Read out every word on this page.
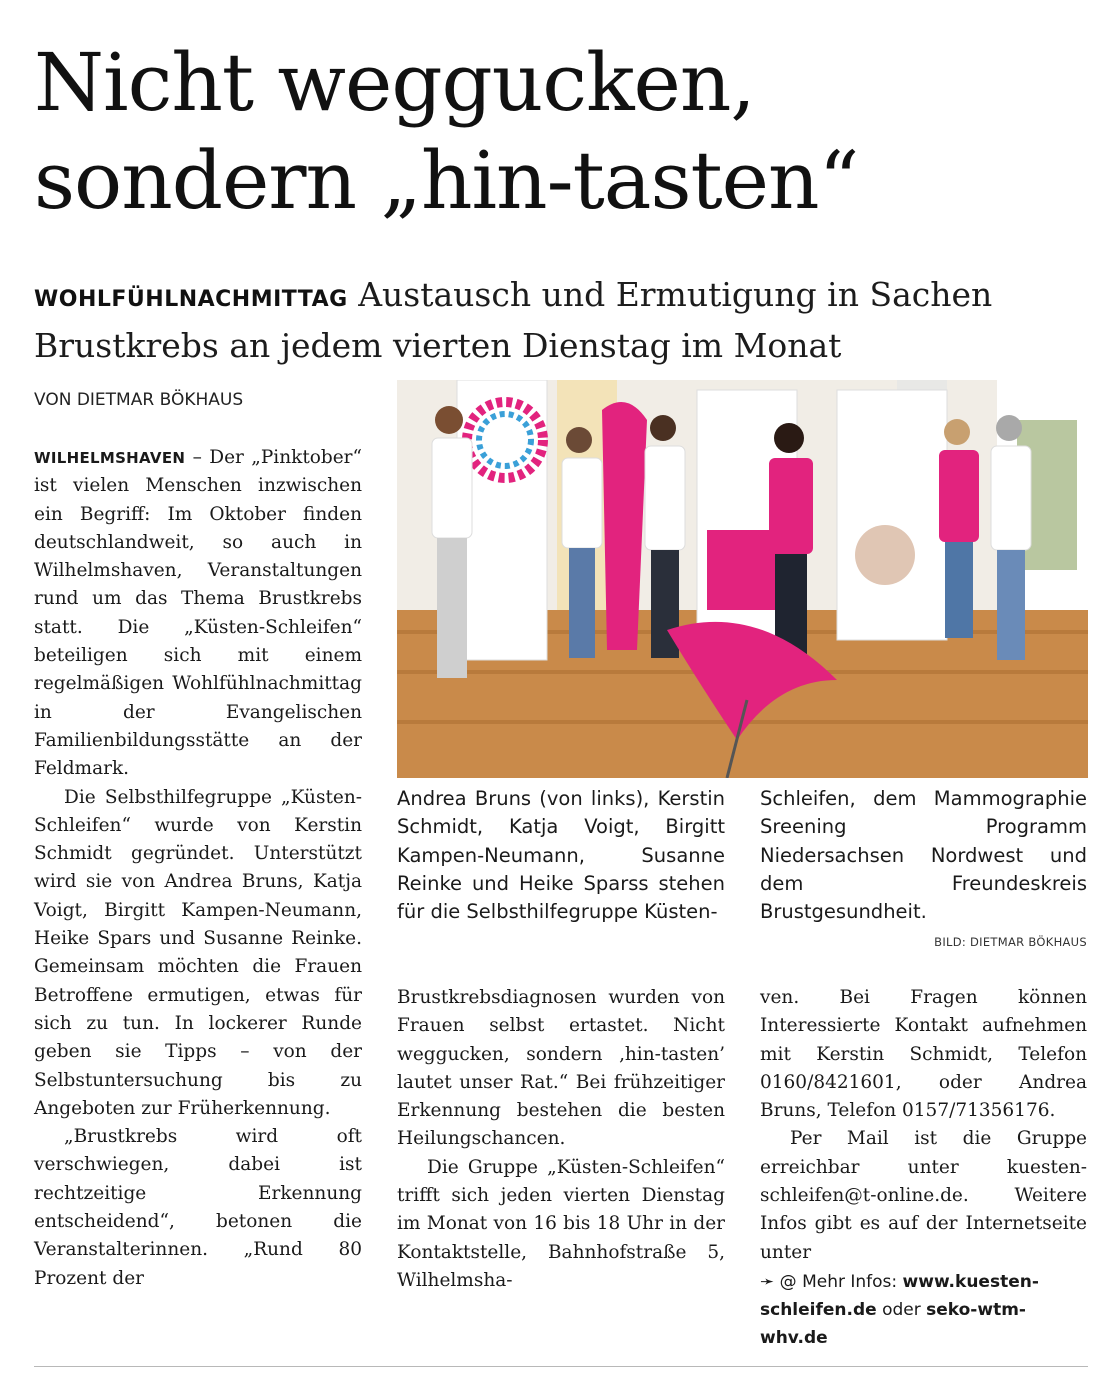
Nicht weggucken,
sondern „hin-tasten“
WOHLFÜHLNACHMITTAG Austausch und Ermutigung in Sachen Brustkrebs an jedem vierten Dienstag im Monat
VON DIETMAR BÖKHAUS

WILHELMSHAVEN – Der „Pinktober“ ist vielen Menschen inzwischen ein Begriff: Im Oktober finden deutschlandweit, so auch in Wilhelmshaven, Veranstaltungen rund um das Thema Brustkrebs statt. Die „Küsten-Schleifen“ beteiligen sich mit einem regelmäßigen Wohlfühlnachmittag in der Evangelischen Familienbildungsstätte an der Feldmark.

Die Selbsthilfegruppe „Küsten-Schleifen“ wurde von Kerstin Schmidt gegründet. Unterstützt wird sie von Andrea Bruns, Katja Voigt, Birgitt Kampen-Neumann, Heike Spars und Susanne Reinke. Gemeinsam möchten die Frauen Betroffene ermutigen, etwas für sich zu tun. In lockerer Runde geben sie Tipps – von der Selbstuntersuchung bis zu Angeboten zur Früherkennung.

„Brustkrebs wird oft verschwiegen, dabei ist rechtzeitige Erkennung entscheidend“, betonen die Veranstalterinnen. „Rund 80 Prozent der

Andrea Bruns (von links), Kerstin Schmidt, Katja Voigt, Birgitt Kampen-Neumann, Susanne Reinke und Heike Sparss stehen für die Selbsthilfegruppe Küsten-
Schleifen, dem Mammographie Sreening Programm Niedersachsen Nordwest und dem Freundeskreis Brustgesundheit.
BILD: DIETMAR BÖKHAUS

Brustkrebsdiagnosen wurden von Frauen selbst ertastet. Nicht weggucken, sondern ‚hin-tasten’ lautet unser Rat.“ Bei frühzeitiger Erkennung bestehen die besten Heilungschancen.

Die Gruppe „Küsten-Schleifen“ trifft sich jeden vierten Dienstag im Monat von 16 bis 18 Uhr in der Kontaktstelle, Bahnhofstraße 5, Wilhelmsha-

ven. Bei Fragen können Interessierte Kontakt aufnehmen mit Kerstin Schmidt, Telefon 0160/8421601, oder Andrea Bruns, Telefon 0157/71356176.

Per Mail ist die Gruppe erreichbar unter kuesten-schleifen@t-online.de. Weitere Infos gibt es auf der Internetseite unter

➛ @ Mehr Infos: www.kuesten-schleifen.de oder seko-wtm-whv.de
